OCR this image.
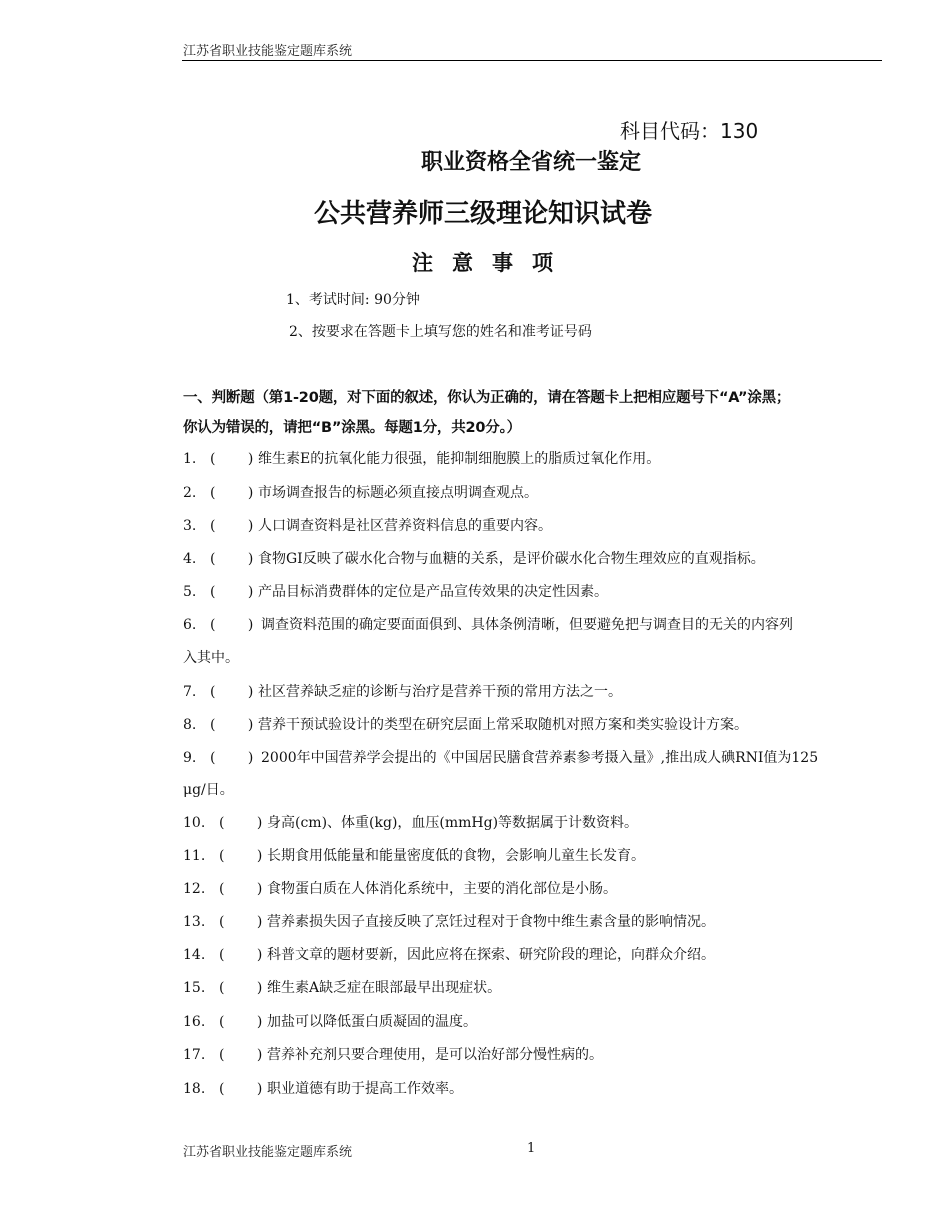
江苏省职业技能鉴定题库系统
科目代码：130
职业资格全省统一鉴定
公共营养师三级理论知识试卷
注意事项
1、考试时间: 90分钟
2、按要求在答题卡上填写您的姓名和准考证号码
一、判断题（第1-20题，对下面的叙述，你认为正确的，请在答题卡上把相应题号下“A”涂黑；
你认为错误的，请把“B”涂黑。每题1分，共20分。）
1. (   ) 维生素E的抗氧化能力很强，能抑制细胞膜上的脂质过氧化作用。
2. (   ) 市场调查报告的标题必须直接点明调查观点。
3. (   ) 人口调查资料是社区营养资料信息的重要内容。
4. (   ) 食物GI反映了碳水化合物与血糖的关系，是评价碳水化合物生理效应的直观指标。
5. (   ) 产品目标消费群体的定位是产品宣传效果的决定性因素。
6. (   ) 调查资料范围的确定要面面俱到、具体条例清晰，但要避免把与调查目的无关的内容列
入其中。
7. (   ) 社区营养缺乏症的诊断与治疗是营养干预的常用方法之一。
8. (   ) 营养干预试验设计的类型在研究层面上常采取随机对照方案和类实验设计方案。
9. (   ) 2000年中国营养学会提出的《中国居民膳食营养素参考摄入量》,推出成人碘RNI值为125
μg/日。
10. (   ) 身高(cm)、体重(kg)，血压(mmHg)等数据属于计数资料。
11. (   ) 长期食用低能量和能量密度低的食物，会影响儿童生长发育。
12. (   ) 食物蛋白质在人体消化系统中，主要的消化部位是小肠。
13. (   ) 营养素损失因子直接反映了烹饪过程对于食物中维生素含量的影响情况。
14. (   ) 科普文章的题材要新，因此应将在探索、研究阶段的理论，向群众介绍。
15. (   ) 维生素A缺乏症在眼部最早出现症状。
16. (   ) 加盐可以降低蛋白质凝固的温度。
17. (   ) 营养补充剂只要合理使用，是可以治好部分慢性病的。
18. (   ) 职业道德有助于提高工作效率。
江苏省职业技能鉴定题库系统	1
